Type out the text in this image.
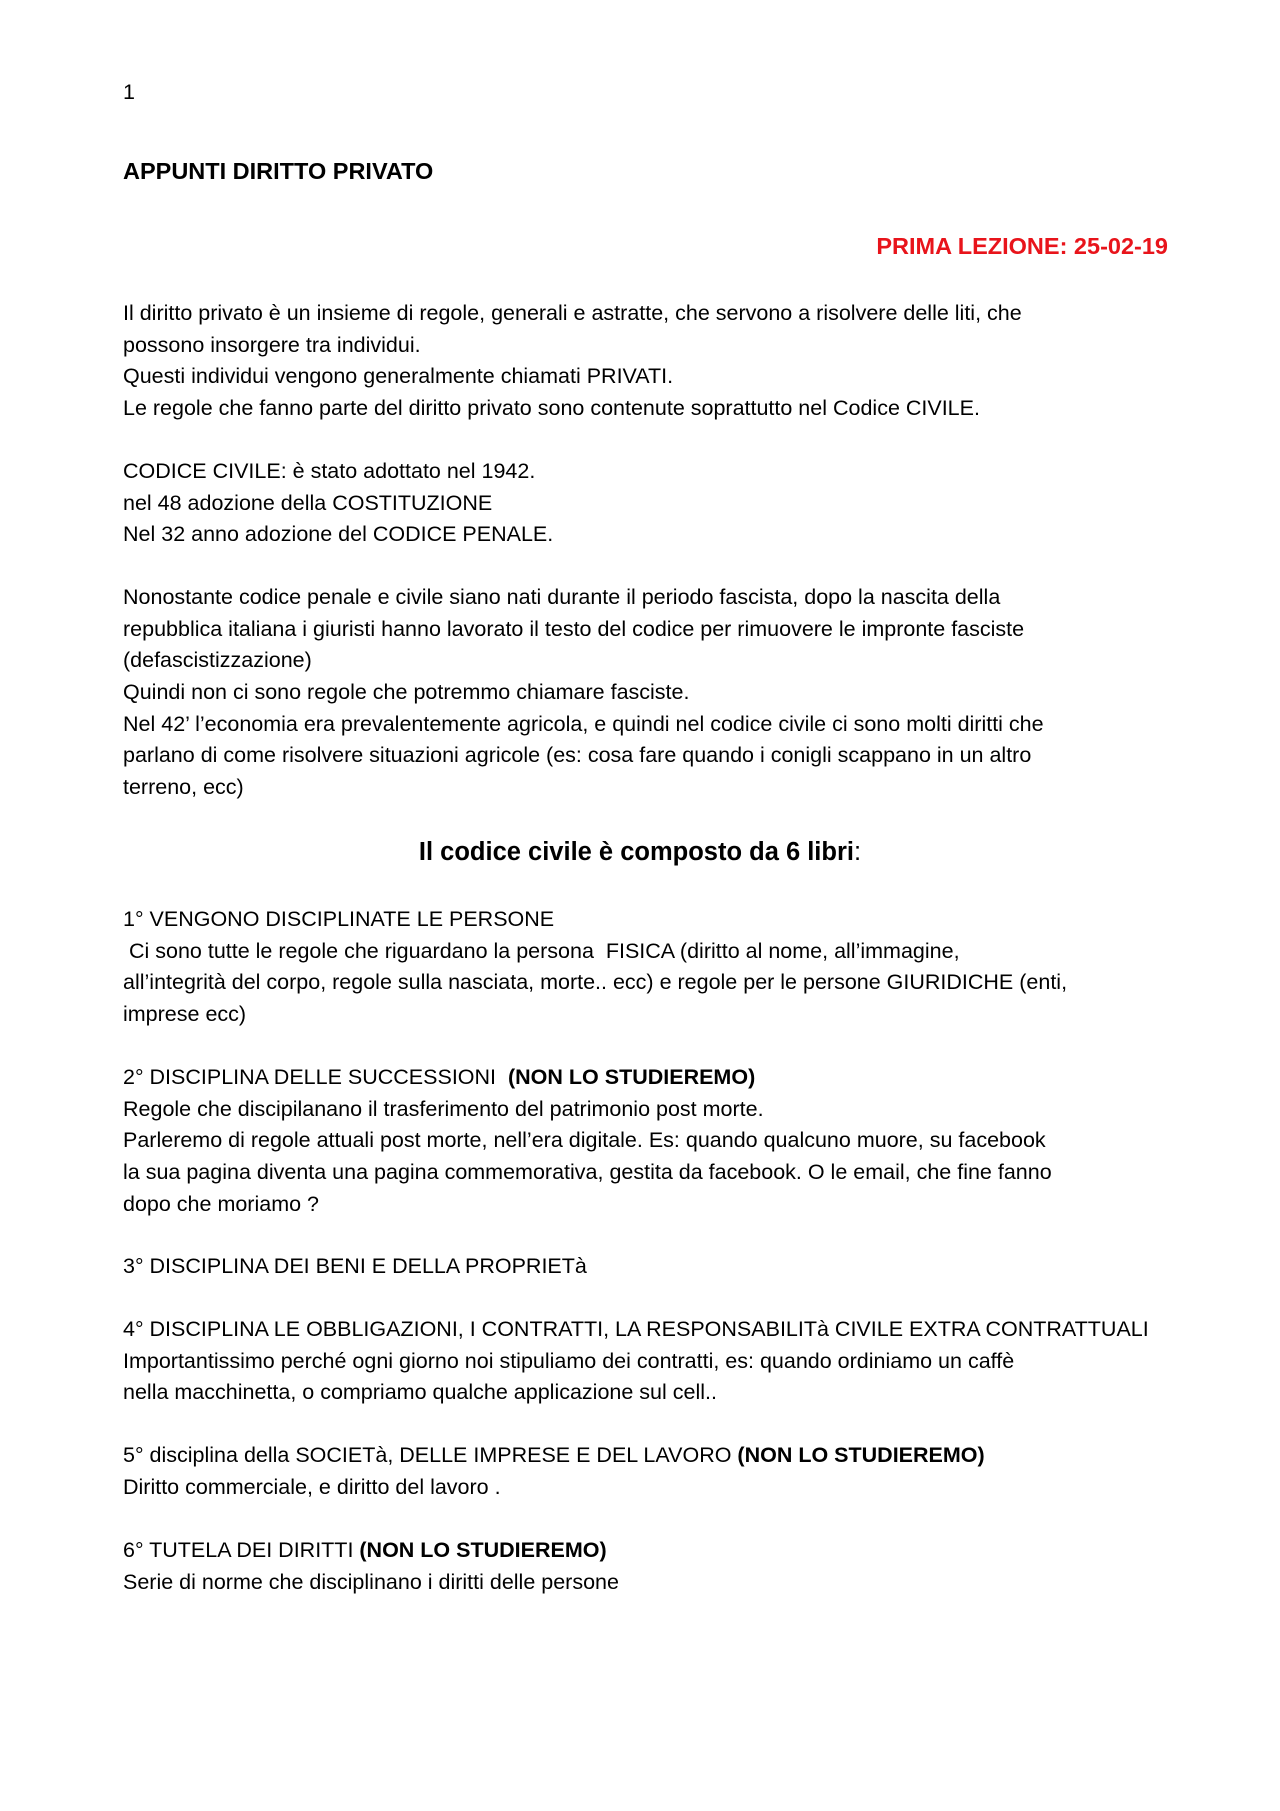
1
APPUNTI DIRITTO PRIVATO
PRIMA LEZIONE: 25-02-19
Il diritto privato è un insieme di regole, generali e astratte, che servono a risolvere delle liti, che
possono insorgere tra individui.
Questi individui vengono generalmente chiamati PRIVATI.
Le regole che fanno parte del diritto privato sono contenute soprattutto nel Codice CIVILE.
CODICE CIVILE: è stato adottato nel 1942.
nel 48 adozione della COSTITUZIONE
Nel 32 anno adozione del CODICE PENALE.
Nonostante codice penale e civile siano nati durante il periodo fascista, dopo la nascita della
repubblica italiana i giuristi hanno lavorato il testo del codice per rimuovere le impronte fasciste
(defascistizzazione)
Quindi non ci sono regole che potremmo chiamare fasciste.
Nel 42’ l’economia era prevalentemente agricola, e quindi nel codice civile ci sono molti diritti che
parlano di come risolvere situazioni agricole (es: cosa fare quando i conigli scappano in un altro
terreno, ecc)
Il codice civile è composto da 6 libri:
1° VENGONO DISCIPLINATE LE PERSONE
Ci sono tutte le regole che riguardano la persona  FISICA (diritto al nome, all’immagine,
all’integrità del corpo, regole sulla nasciata, morte.. ecc) e regole per le persone GIURIDICHE (enti,
imprese ecc)
2° DISCIPLINA DELLE SUCCESSIONI  (NON LO STUDIEREMO)
Regole che discipilanano il trasferimento del patrimonio post morte.
Parleremo di regole attuali post morte, nell’era digitale. Es: quando qualcuno muore, su facebook
la sua pagina diventa una pagina commemorativa, gestita da facebook. O le email, che fine fanno
dopo che moriamo ?
3° DISCIPLINA DEI BENI E DELLA PROPRIETà
4° DISCIPLINA LE OBBLIGAZIONI, I CONTRATTI, LA RESPONSABILITà CIVILE EXTRA CONTRATTUALI
Importantissimo perché ogni giorno noi stipuliamo dei contratti, es: quando ordiniamo un caffè
nella macchinetta, o compriamo qualche applicazione sul cell..
5° disciplina della SOCIETà, DELLE IMPRESE E DEL LAVORO (NON LO STUDIEREMO)
Diritto commerciale, e diritto del lavoro .
6° TUTELA DEI DIRITTI (NON LO STUDIEREMO)
Serie di norme che disciplinano i diritti delle persone
